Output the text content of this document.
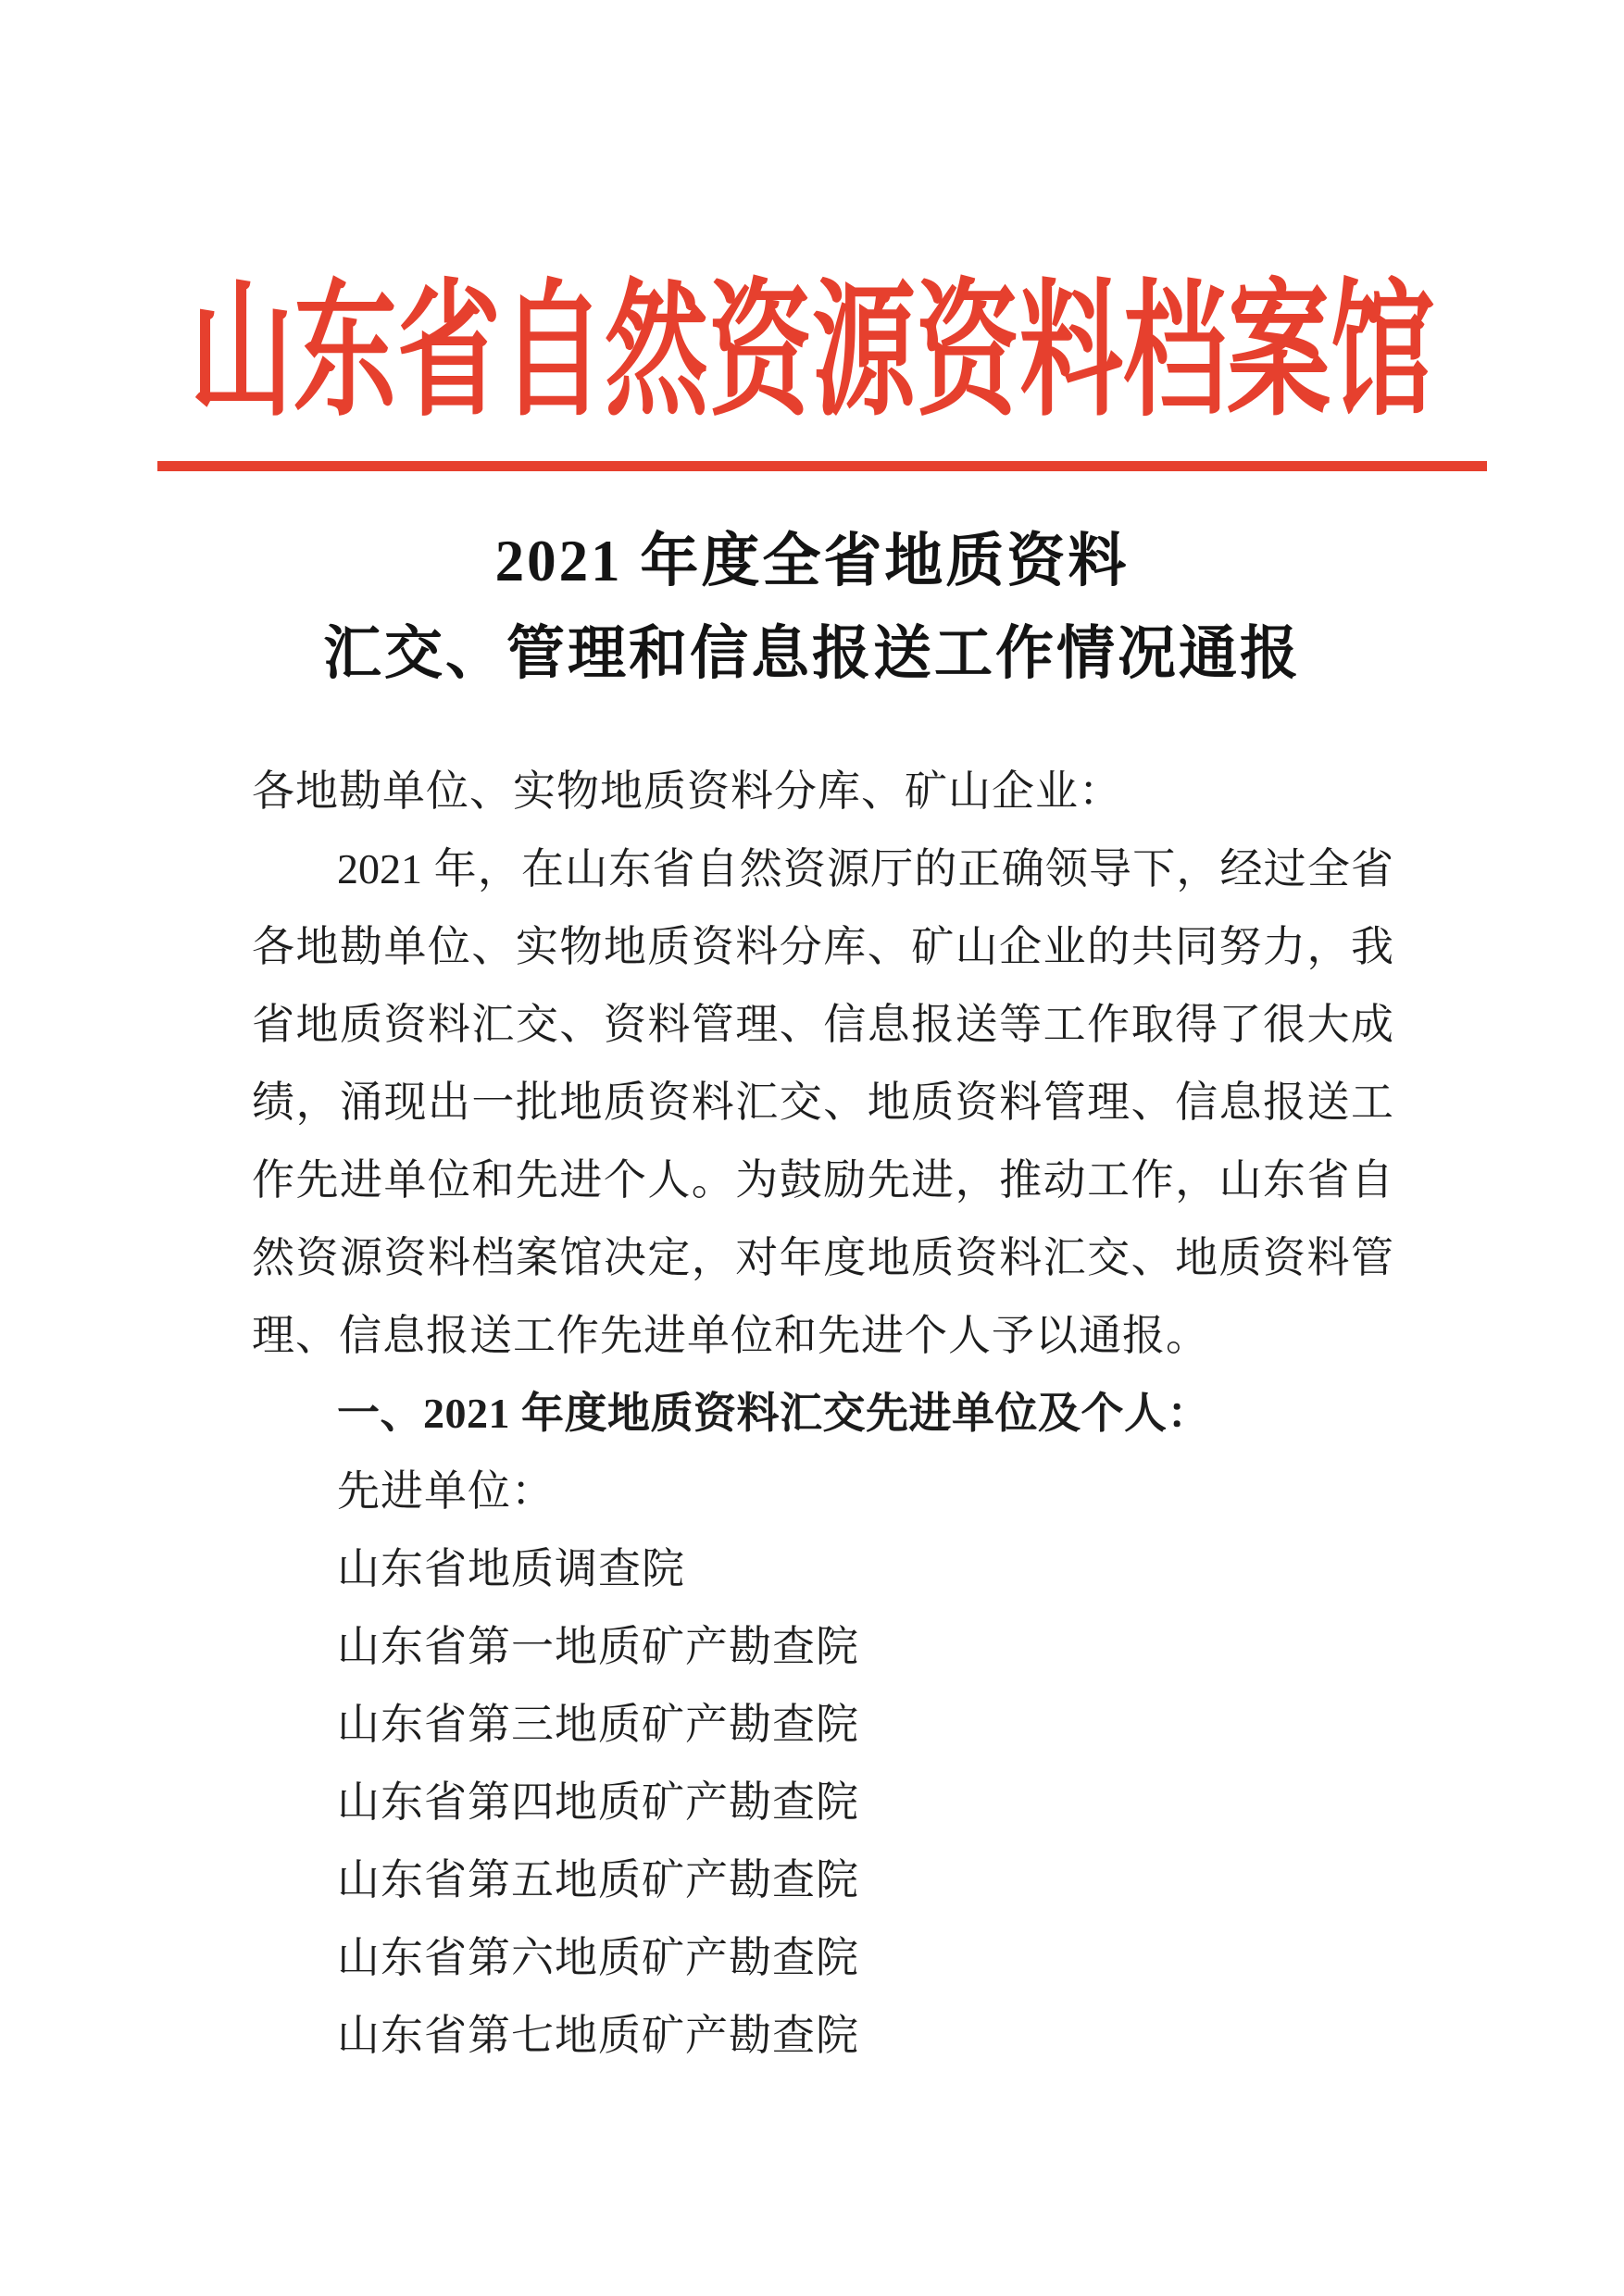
山东省自然资源资料档案馆
2021 年度全省地质资料
汇交、管理和信息报送工作情况通报
各地勘单位、实物地质资料分库、矿山企业：
2021 年，在山东省自然资源厅的正确领导下，经过全省
各地勘单位、实物地质资料分库、矿山企业的共同努力，我
省地质资料汇交、资料管理、信息报送等工作取得了很大成
绩，涌现出一批地质资料汇交、地质资料管理、信息报送工
作先进单位和先进个人。为鼓励先进，推动工作，山东省自
然资源资料档案馆决定，对年度地质资料汇交、地质资料管
理、信息报送工作先进单位和先进个人予以通报。
一、2021 年度地质资料汇交先进单位及个人：
先进单位：
山东省地质调查院
山东省第一地质矿产勘查院
山东省第三地质矿产勘查院
山东省第四地质矿产勘查院
山东省第五地质矿产勘查院
山东省第六地质矿产勘查院
山东省第七地质矿产勘查院
